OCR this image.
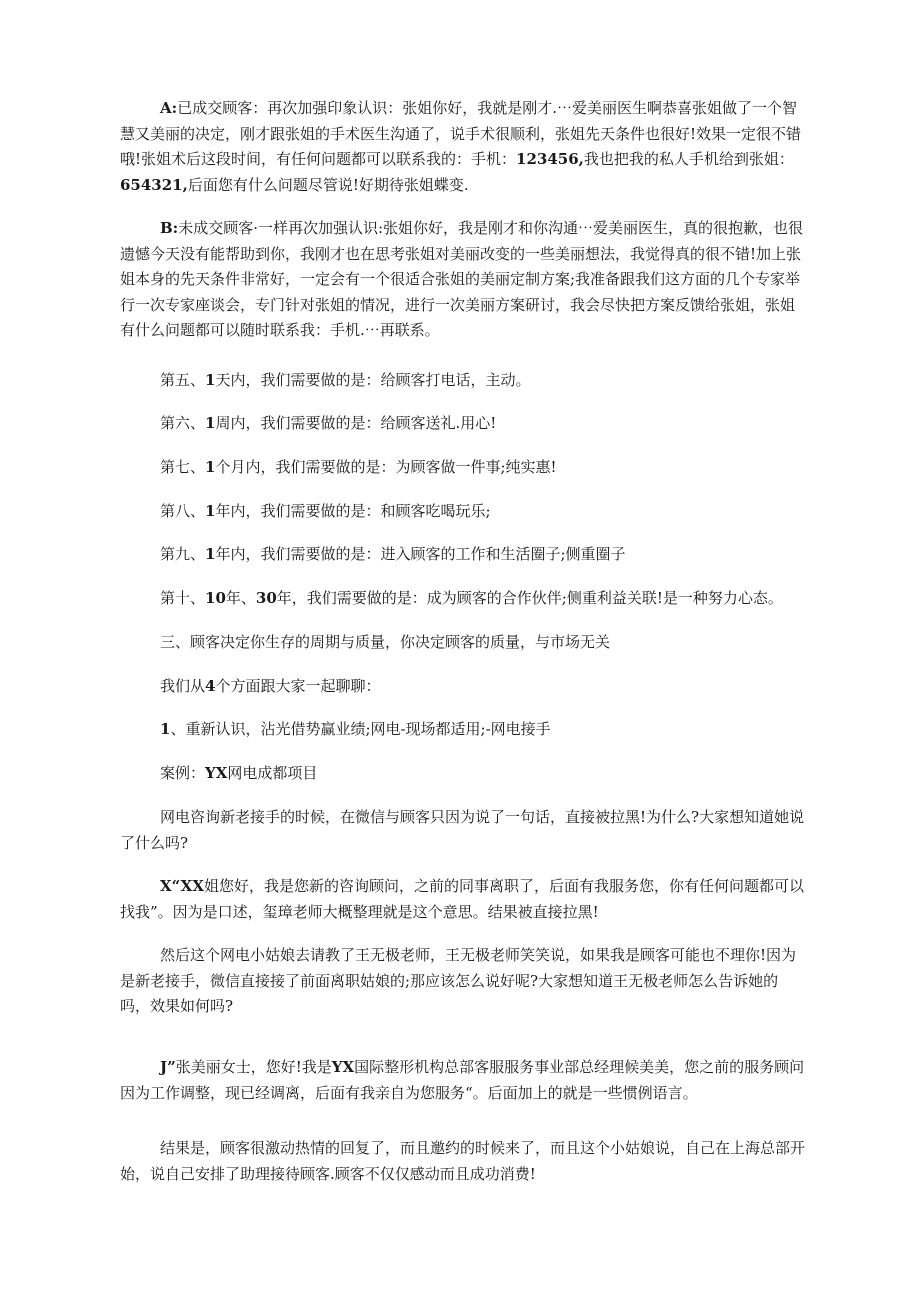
A:已成交顾客：再次加强印象认识：张姐你好，我就是刚才.⋯爱美丽医生啊恭喜张姐做了一个智慧又美丽的决定，刚才跟张姐的手术医生沟通了，说手术很顺利，张姐先天条件也很好!效果一定很不错哦!张姐术后这段时间，有任何问题都可以联系我的：手机：123456,我也把我的私人手机给到张姐：654321,后面您有什么问题尽管说!好期待张姐蝶变.

B:未成交顾客·一样再次加强认识:张姐你好，我是刚才和你沟通⋯爱美丽医生，真的很抱歉，也很遗憾今天没有能帮助到你，我刚才也在思考张姐对美丽改变的一些美丽想法，我觉得真的很不错!加上张姐本身的先天条件非常好，一定会有一个很适合张姐的美丽定制方案;我准备跟我们这方面的几个专家举行一次专家座谈会，专门针对张姐的情况，进行一次美丽方案研讨，我会尽快把方案反馈给张姐，张姐有什么问题都可以随时联系我：手机.⋯再联系。

第五、1天内，我们需要做的是：给顾客打电话，主动。

第六、1周内，我们需要做的是：给顾客送礼.用心!

第七、1个月内，我们需要做的是：为顾客做一件事;纯实惠!

第八、1年内，我们需要做的是：和顾客吃喝玩乐;

第九、1年内，我们需要做的是：进入顾客的工作和生活圈子;侧重圈子

第十、10年、30年，我们需要做的是：成为顾客的合作伙伴;侧重利益关联!是一种努力心态。

三、顾客决定你生存的周期与质量，你决定顾客的质量，与市场无关

我们从4个方面跟大家一起聊聊：

1、重新认识，沾光借势赢业绩;网电-现场都适用;-网电接手

案例：YX网电成都项目

网电咨询新老接手的时候，在微信与顾客只因为说了一句话，直接被拉黑!为什么?大家想知道她说了什么吗?

X“XX姐您好，我是您新的咨询顾问，之前的同事离职了，后面有我服务您，你有任何问题都可以找我”。因为是口述，玺璋老师大概整理就是这个意思。结果被直接拉黑!

然后这个网电小姑娘去请教了王无极老师，王无极老师笑笑说，如果我是顾客可能也不理你!因为是新老接手，微信直接接了前面离职姑娘的;那应该怎么说好呢?大家想知道王无极老师怎么告诉她的吗，效果如何吗?

J”张美丽女士，您好!我是YX国际整形机构总部客服服务事业部总经理候美美，您之前的服务顾问因为工作调整，现已经调离，后面有我亲自为您服务“。后面加上的就是一些惯例语言。

结果是，顾客很激动热情的回复了，而且邀约的时候来了，而且这个小姑娘说，自己在上海总部开始，说自己安排了助理接待顾客.顾客不仅仅感动而且成功消费!
